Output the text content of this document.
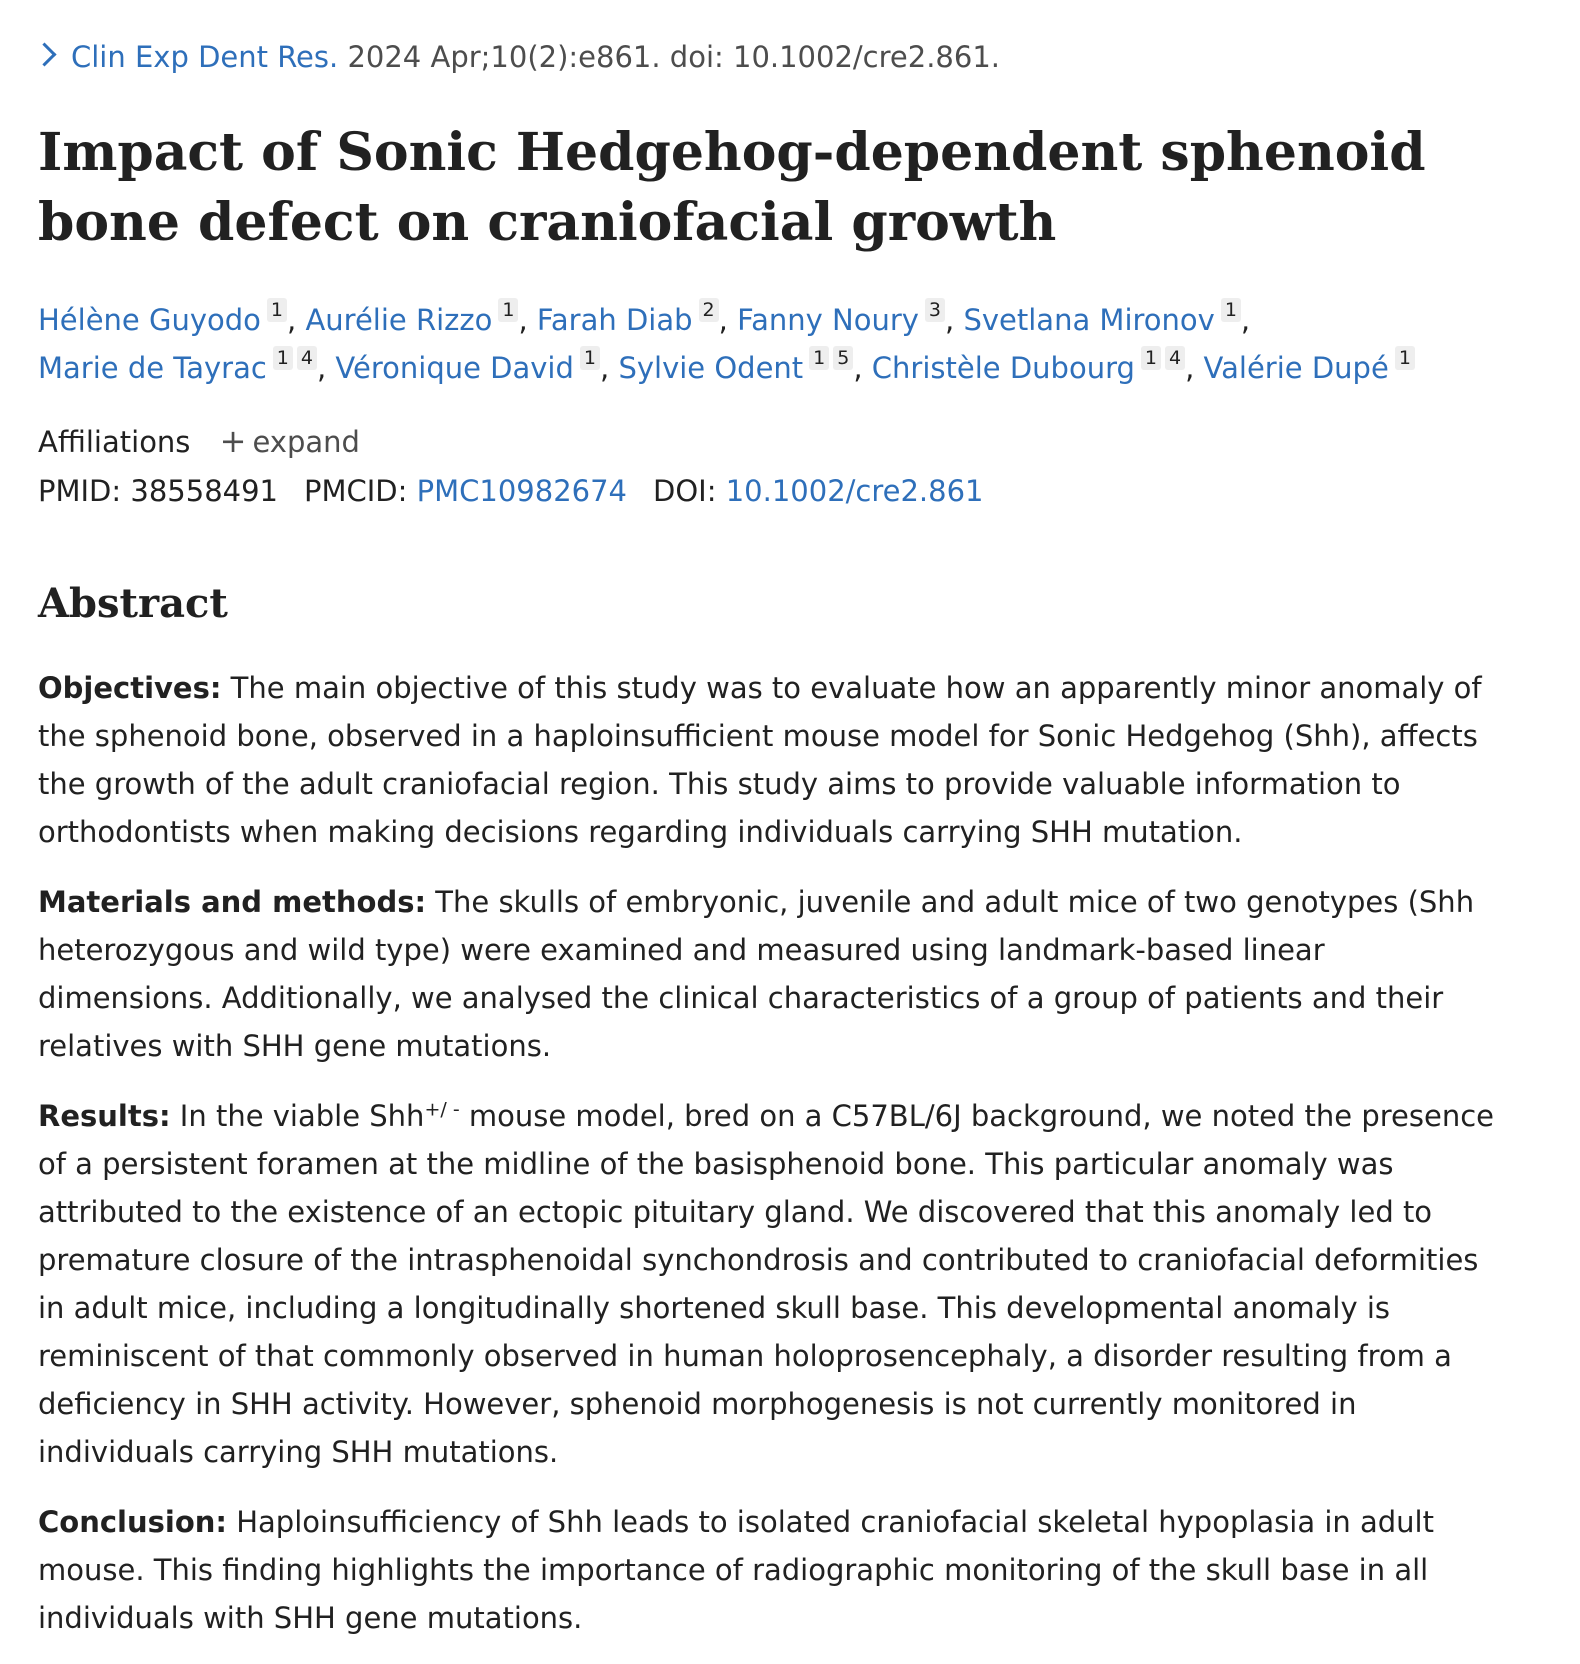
Clin Exp Dent Res. 2024 Apr;10(2):e861. doi: 10.1002/cre2.861.
Impact of Sonic Hedgehog-dependent sphenoid bone defect on craniofacial growth
Hélène Guyodo 1 , Aurélie Rizzo 1 , Farah Diab 2 , Fanny Noury 3 , Svetlana Mironov 1 ,
Marie de Tayrac 1 4 , Véronique David 1 , Sylvie Odent 1 5 , Christèle Dubourg 1 4 , Valérie Dupé 1
Affiliations + expand
PMID: 38558491 PMCID: PMC10982674 DOI: 10.1002/cre2.861
Abstract

Objectives: The main objective of this study was to evaluate how an apparently minor anomaly of the sphenoid bone, observed in a haploinsufficient mouse model for Sonic Hedgehog (Shh), affects the growth of the adult craniofacial region. This study aims to provide valuable information to orthodontists when making decisions regarding individuals carrying SHH mutation.

Materials and methods: The skulls of embryonic, juvenile and adult mice of two genotypes (Shh heterozygous and wild type) were examined and measured using landmark-based linear dimensions. Additionally, we analysed the clinical characteristics of a group of patients and their relatives with SHH gene mutations.

Results: In the viable Shh+/ - mouse model, bred on a C57BL/6J background, we noted the presence of a persistent foramen at the midline of the basisphenoid bone. This particular anomaly was attributed to the existence of an ectopic pituitary gland. We discovered that this anomaly led to premature closure of the intrasphenoidal synchondrosis and contributed to craniofacial deformities in adult mice, including a longitudinally shortened skull base. This developmental anomaly is reminiscent of that commonly observed in human holoprosencephaly, a disorder resulting from a deficiency in SHH activity. However, sphenoid morphogenesis is not currently monitored in individuals carrying SHH mutations.

Conclusion: Haploinsufficiency of Shh leads to isolated craniofacial skeletal hypoplasia in adult mouse. This finding highlights the importance of radiographic monitoring of the skull base in all individuals with SHH gene mutations.
